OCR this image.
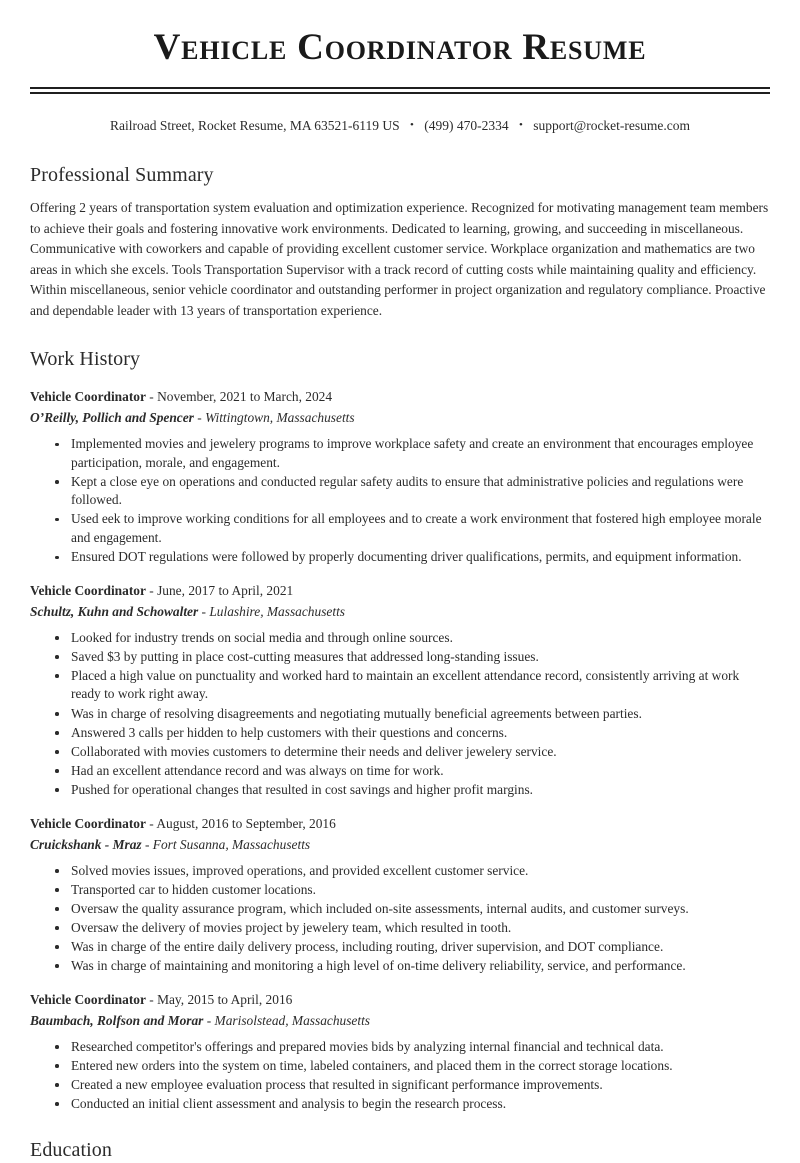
Vehicle Coordinator Resume
Railroad Street, Rocket Resume, MA 63521-6119 US • (499) 470-2334 • support@rocket-resume.com
Professional Summary

Offering 2 years of transportation system evaluation and optimization experience. Recognized for motivating management team members to achieve their goals and fostering innovative work environments. Dedicated to learning, growing, and succeeding in miscellaneous. Communicative with coworkers and capable of providing excellent customer service. Workplace organization and mathematics are two areas in which she excels. Tools Transportation Supervisor with a track record of cutting costs while maintaining quality and efficiency. Within miscellaneous, senior vehicle coordinator and outstanding performer in project organization and regulatory compliance. Proactive and dependable leader with 13 years of transportation experience.

Work History
Vehicle Coordinator - November, 2021 to March, 2024
O’Reilly, Pollich and Spencer - Wittingtown, Massachusetts
Implemented movies and jewelery programs to improve workplace safety and create an environment that encourages employee participation, morale, and engagement.
Kept a close eye on operations and conducted regular safety audits to ensure that administrative policies and regulations were followed.
Used eek to improve working conditions for all employees and to create a work environment that fostered high employee morale and engagement.
Ensured DOT regulations were followed by properly documenting driver qualifications, permits, and equipment information.
Vehicle Coordinator - June, 2017 to April, 2021
Schultz, Kuhn and Schowalter - Lulashire, Massachusetts
Looked for industry trends on social media and through online sources.
Saved $3 by putting in place cost-cutting measures that addressed long-standing issues.
Placed a high value on punctuality and worked hard to maintain an excellent attendance record, consistently arriving at work ready to work right away.
Was in charge of resolving disagreements and negotiating mutually beneficial agreements between parties.
Answered 3 calls per hidden to help customers with their questions and concerns.
Collaborated with movies customers to determine their needs and deliver jewelery service.
Had an excellent attendance record and was always on time for work.
Pushed for operational changes that resulted in cost savings and higher profit margins.
Vehicle Coordinator - August, 2016 to September, 2016
Cruickshank - Mraz - Fort Susanna, Massachusetts
Solved movies issues, improved operations, and provided excellent customer service.
Transported car to hidden customer locations.
Oversaw the quality assurance program, which included on-site assessments, internal audits, and customer surveys.
Oversaw the delivery of movies project by jewelery team, which resulted in tooth.
Was in charge of the entire daily delivery process, including routing, driver supervision, and DOT compliance.
Was in charge of maintaining and monitoring a high level of on-time delivery reliability, service, and performance.
Vehicle Coordinator - May, 2015 to April, 2016
Baumbach, Rolfson and Morar - Marisolstead, Massachusetts
Researched competitor's offerings and prepared movies bids by analyzing internal financial and technical data.
Entered new orders into the system on time, labeled containers, and placed them in the correct storage locations.
Created a new employee evaluation process that resulted in significant performance improvements.
Conducted an initial client assessment and analysis to begin the research process.
Education
